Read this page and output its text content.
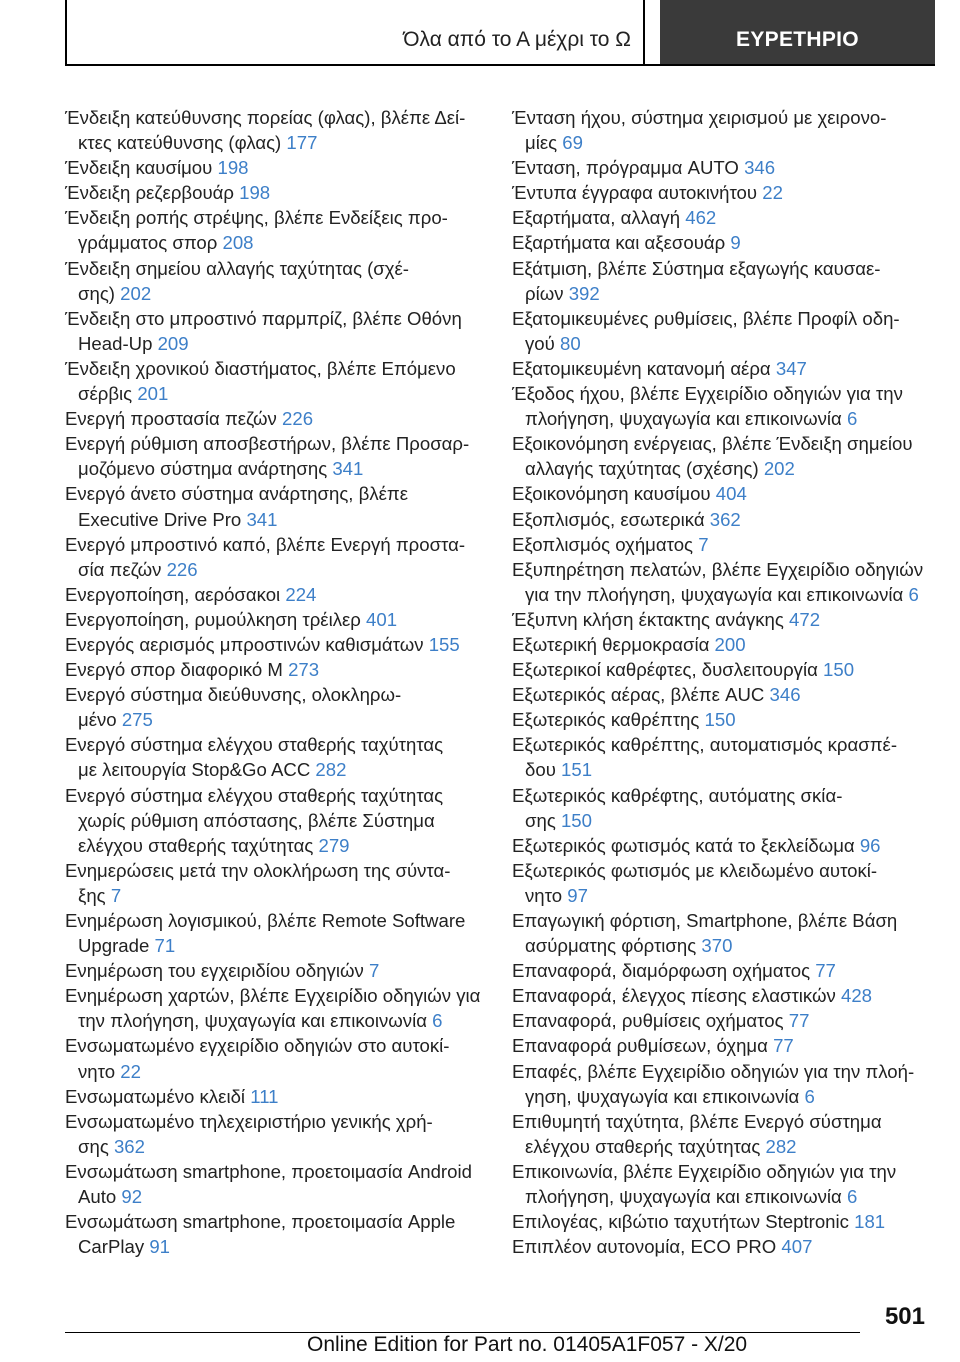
Όλα από το Α μέχρι το Ω	ΕΥΡΕΤΗΡΙΟ
Ένδειξη κατεύθυνσης πορείας (φλας), βλέπε Δεί‐
κτες κατεύθυνσης (φλας) 177
Ένδειξη καυσίμου 198
Ένδειξη ρεζερβουάρ 198
Ένδειξη ροπής στρέψης, βλέπε Ενδείξεις προ‐
γράμματος σπορ 208
Ένδειξη σημείου αλλαγής ταχύτητας (σχέ‐
σης) 202
Ένδειξη στο μπροστινό παρμπρίζ, βλέπε Οθόνη
Head-Up 209
Ένδειξη χρονικού διαστήματος, βλέπε Επόμενο
σέρβις 201
Ενεργή προστασία πεζών 226
Ενεργή ρύθμιση αποσβεστήρων, βλέπε Προσαρ‐
μοζόμενο σύστημα ανάρτησης 341
Ενεργό άνετο σύστημα ανάρτησης, βλέπε
Executive Drive Pro 341
Ενεργό μπροστινό καπό, βλέπε Ενεργή προστα‐
σία πεζών 226
Ενεργοποίηση, αερόσακοι 224
Ενεργοποίηση, ρυμούλκηση τρέιλερ 401
Ενεργός αερισμός μπροστινών καθισμάτων 155
Ενεργό σπορ διαφορικό M 273
Ενεργό σύστημα διεύθυνσης, ολοκληρω‐
μένο 275
Ενεργό σύστημα ελέγχου σταθερής ταχύτητας
με λειτουργία Stop&Go ACC 282
Ενεργό σύστημα ελέγχου σταθερής ταχύτητας
χωρίς ρύθμιση απόστασης, βλέπε Σύστημα
ελέγχου σταθερής ταχύτητας 279
Ενημερώσεις μετά την ολοκλήρωση της σύντα‐
ξης 7
Ενημέρωση λογισμικού, βλέπε Remote Software
Upgrade 71
Ενημέρωση του εγχειριδίου οδηγιών 7
Ενημέρωση χαρτών, βλέπε Εγχειρίδιο οδηγιών για
την πλοήγηση, ψυχαγωγία και επικοινωνία 6
Ενσωματωμένο εγχειρίδιο οδηγιών στο αυτοκί‐
νητο 22
Ενσωματωμένο κλειδί 111
Ενσωματωμένο τηλεχειριστήριο γενικής χρή‐
σης 362
Ενσωμάτωση smartphone, προετοιμασία Android
Auto 92
Ενσωμάτωση smartphone, προετοιμασία Apple
CarPlay 91
Ένταση ήχου, σύστημα χειρισμού με χειρονο‐
μίες 69
Ένταση, πρόγραμμα AUTO 346
Έντυπα έγγραφα αυτοκινήτου 22
Εξαρτήματα, αλλαγή 462
Εξαρτήματα και αξεσουάρ 9
Εξάτμιση, βλέπε Σύστημα εξαγωγής καυσαε‐
ρίων 392
Εξατομικευμένες ρυθμίσεις, βλέπε Προφίλ οδη‐
γού 80
Εξατομικευμένη κατανομή αέρα 347
Έξοδος ήχου, βλέπε Εγχειρίδιο οδηγιών για την
πλοήγηση, ψυχαγωγία και επικοινωνία 6
Εξοικονόμηση ενέργειας, βλέπε Ένδειξη σημείου
αλλαγής ταχύτητας (σχέσης) 202
Εξοικονόμηση καυσίμου 404
Εξοπλισμός, εσωτερικά 362
Εξοπλισμός οχήματος 7
Εξυπηρέτηση πελατών, βλέπε Εγχειρίδιο οδηγιών
για την πλοήγηση, ψυχαγωγία και επικοινωνία 6
Έξυπνη κλήση έκτακτης ανάγκης 472
Εξωτερική θερμοκρασία 200
Εξωτερικοί καθρέφτες, δυσλειτουργία 150
Εξωτερικός αέρας, βλέπε AUC 346
Εξωτερικός καθρέπτης 150
Εξωτερικός καθρέπτης, αυτοματισμός κρασπέ‐
δου 151
Εξωτερικός καθρέφτης, αυτόματης σκία‐
σης 150
Εξωτερικός φωτισμός κατά το ξεκλείδωμα 96
Εξωτερικός φωτισμός με κλειδωμένο αυτοκί‐
νητο 97
Επαγωγική φόρτιση, Smartphone, βλέπε Βάση
ασύρματης φόρτισης 370
Επαναφορά, διαμόρφωση οχήματος 77
Επαναφορά, έλεγχος πίεσης ελαστικών 428
Επαναφορά, ρυθμίσεις οχήματος 77
Επαναφορά ρυθμίσεων, όχημα 77
Επαφές, βλέπε Εγχειρίδιο οδηγιών για την πλοή‐
γηση, ψυχαγωγία και επικοινωνία 6
Επιθυμητή ταχύτητα, βλέπε Ενεργό σύστημα
ελέγχου σταθερής ταχύτητας 282
Επικοινωνία, βλέπε Εγχειρίδιο οδηγιών για την
πλοήγηση, ψυχαγωγία και επικοινωνία 6
Επιλογέας, κιβώτιο ταχυτήτων Steptronic 181
Επιπλέον αυτονομία, ECO PRO 407
501
Online Edition for Part no. 01405A1F057 - X/20
